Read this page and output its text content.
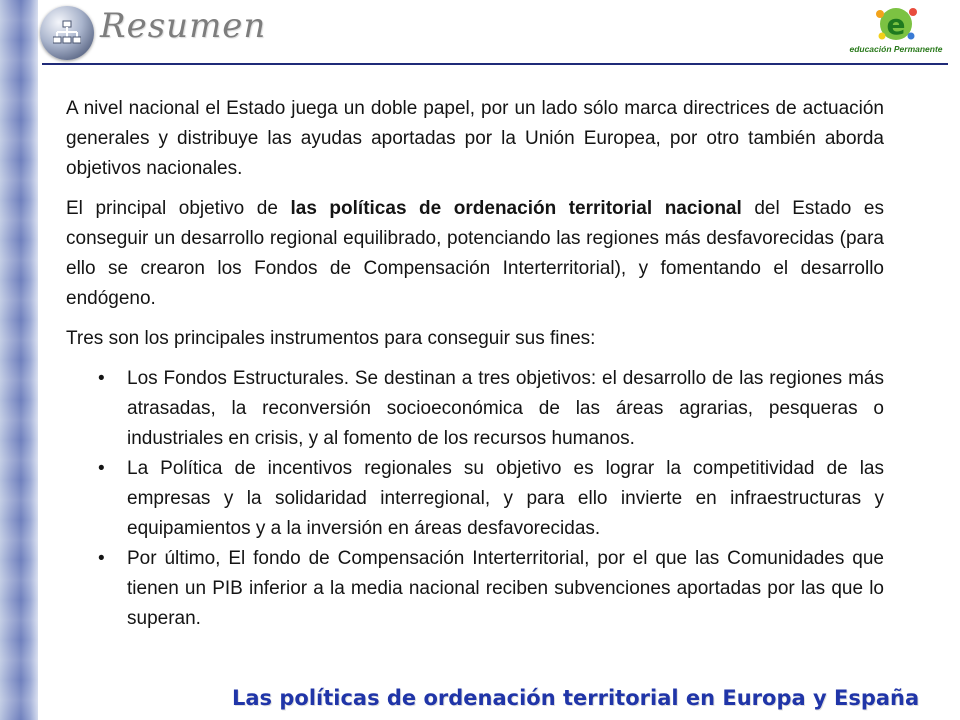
Resumen	e
educación Permanente

A nivel nacional el Estado juega un doble papel, por un lado sólo marca directrices de actuación generales y distribuye las ayudas aportadas por la Unión Europea, por otro también aborda objetivos nacionales.

El principal objetivo de las políticas de ordenación territorial nacional del Estado es conseguir un desarrollo regional equilibrado, potenciando las regiones más desfavorecidas (para ello se crearon los Fondos de Compensación Interterritorial), y fomentando el desarrollo endógeno.

Tres son los principales instrumentos para conseguir sus fines:

• Los Fondos Estructurales. Se destinan a tres objetivos: el desarrollo de las regiones más atrasadas, la reconversión socioeconómica de las áreas agrarias, pesqueras o industriales en crisis, y al fomento de los recursos humanos.
• La Política de incentivos regionales su objetivo es lograr la competitividad de las empresas y la solidaridad interregional, y para ello invierte en infraestructuras y equipamientos y a la inversión en áreas desfavorecidas.
• Por último, El fondo de Compensación Interterritorial, por el que las Comunidades que tienen un PIB inferior a la media nacional reciben subvenciones aportadas por las que lo superan.
Las políticas de ordenación territorial en Europa y España
